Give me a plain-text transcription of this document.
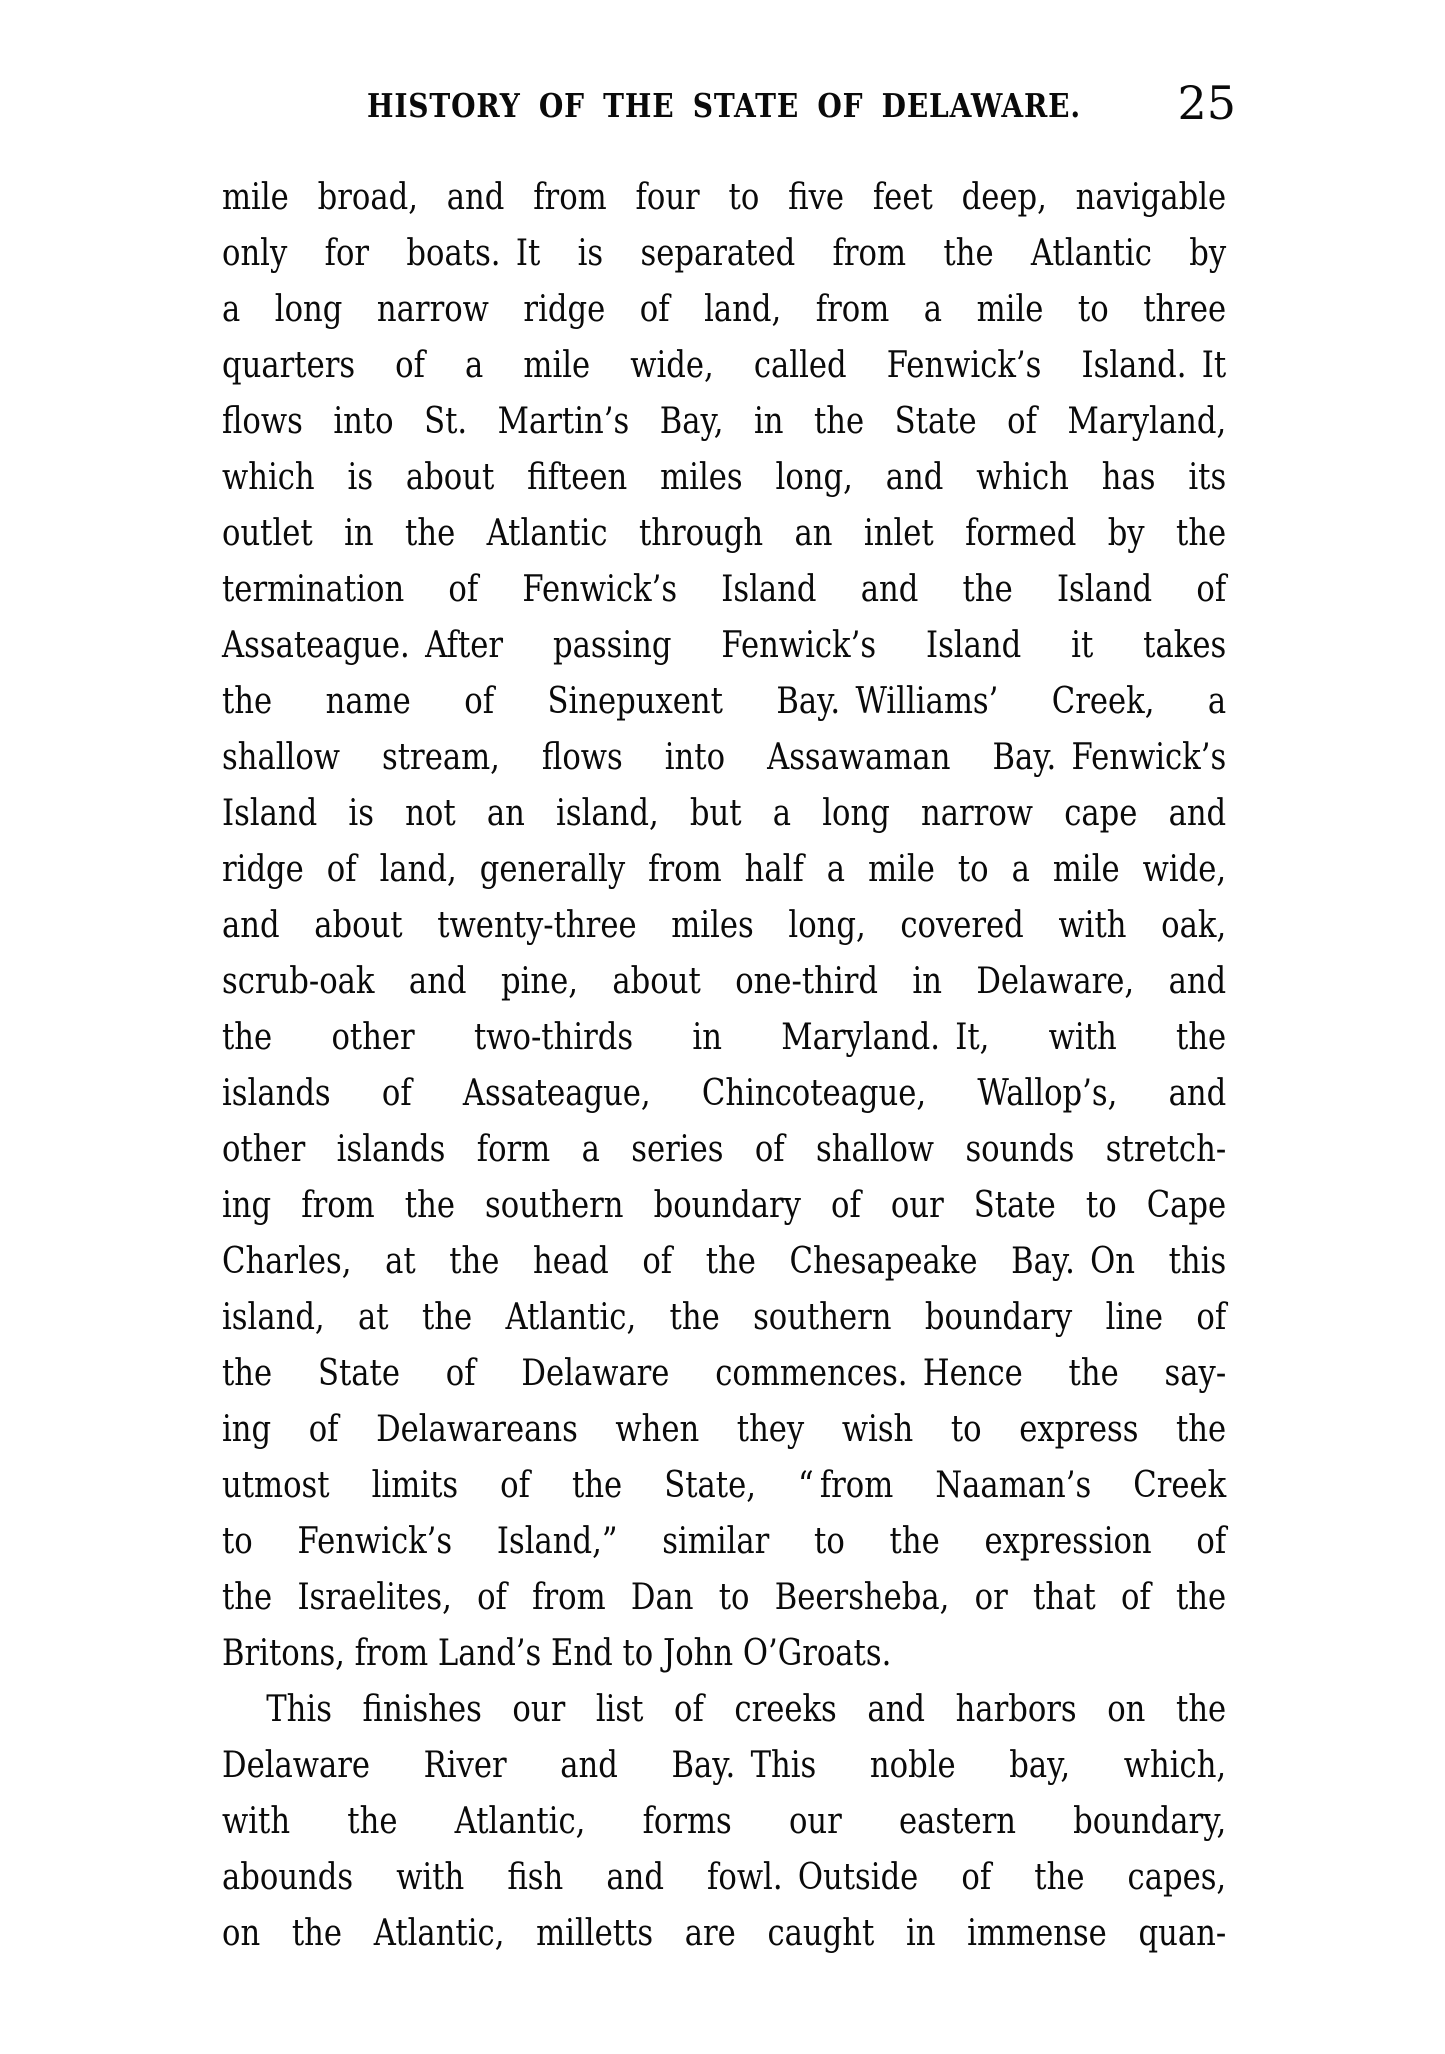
HISTORY OF THE STATE OF DELAWARE. 25
mile broad, and from four to five feet deep, navigable
only for boats. It is separated from the Atlantic by
a long narrow ridge of land, from a mile to three
quarters of a mile wide, called Fenwick’s Island. It
flows into St. Martin’s Bay, in the State of Maryland,
which is about fifteen miles long, and which has its
outlet in the Atlantic through an inlet formed by the
termination of Fenwick’s Island and the Island of
Assateague. After passing Fenwick’s Island it takes
the name of Sinepuxent Bay. Williams’ Creek, a
shallow stream, flows into Assawaman Bay. Fenwick’s
Island is not an island, but a long narrow cape and
ridge of land, generally from half a mile to a mile wide,
and about twenty-three miles long, covered with oak,
scrub-oak and pine, about one-third in Delaware, and
the other two-thirds in Maryland. It, with the
islands of Assateague, Chincoteague, Wallop’s, and
other islands form a series of shallow sounds stretch-
ing from the southern boundary of our State to Cape
Charles, at the head of the Chesapeake Bay. On this
island, at the Atlantic, the southern boundary line of
the State of Delaware commences. Hence the say-
ing of Delawareans when they wish to express the
utmost limits of the State, “ from Naaman’s Creek
to Fenwick’s Island,” similar to the expression of
the Israelites, of from Dan to Beersheba, or that of the
Britons, from Land’s End to John O’Groats.
This finishes our list of creeks and harbors on the
Delaware River and Bay. This noble bay, which,
with the Atlantic, forms our eastern boundary,
abounds with fish and fowl. Outside of the capes,
on the Atlantic, milletts are caught in immense quan-
